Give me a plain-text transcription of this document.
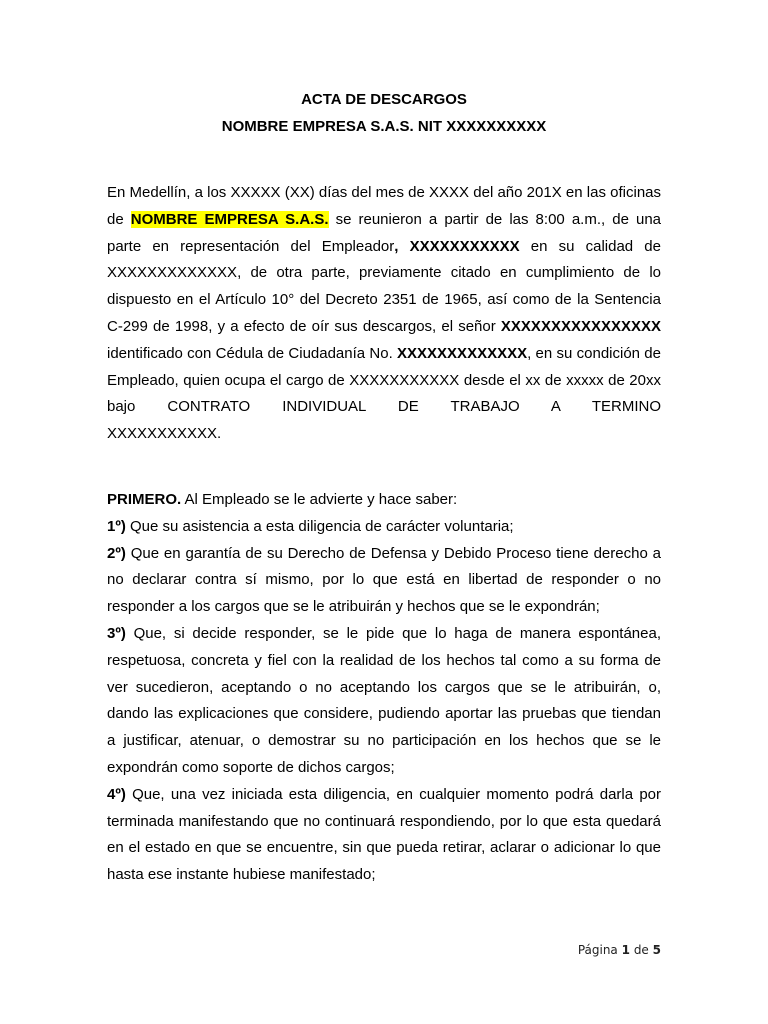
ACTA DE DESCARGOS
NOMBRE EMPRESA S.A.S. NIT XXXXXXXXXX

En Medellín, a los XXXXX (XX) días del mes de XXXX del año 201X en las oficinas de NOMBRE EMPRESA S.A.S. se reunieron a partir de las 8:00 a.m., de una parte en representación del Empleador, XXXXXXXXXXX en su calidad de XXXXXXXXXXXXX, de otra parte, previamente citado en cumplimiento de lo dispuesto en el Artículo 10° del Decreto 2351 de 1965, así como de la Sentencia C-299 de 1998, y a efecto de oír sus descargos, el señor XXXXXXXXXXXXXXXX identificado con Cédula de Ciudadanía No. XXXXXXXXXXXXX, en su condición de Empleado, quien ocupa el cargo de XXXXXXXXXXX desde el xx de xxxxx de 20xx bajo CONTRATO INDIVIDUAL DE TRABAJO A TERMINO

XXXXXXXXXXX.

PRIMERO. Al Empleado se le advierte y hace saber:

1º) Que su asistencia a esta diligencia de carácter voluntaria;

2º) Que en garantía de su Derecho de Defensa y Debido Proceso tiene derecho a no declarar contra sí mismo, por lo que está en libertad de responder o no responder a los cargos que se le atribuirán y hechos que se le expondrán;

3º) Que, si decide responder, se le pide que lo haga de manera espontánea, respetuosa, concreta y fiel con la realidad de los hechos tal como a su forma de ver sucedieron, aceptando o no aceptando los cargos que se le atribuirán, o, dando las explicaciones que considere, pudiendo aportar las pruebas que tiendan a justificar, atenuar, o demostrar su no participación en los hechos que se le expondrán como soporte de dichos cargos;

4º) Que, una vez iniciada esta diligencia, en cualquier momento podrá darla por terminada manifestando que no continuará respondiendo, por lo que esta quedará en el estado en que se encuentre, sin que pueda retirar, aclarar o adicionar lo que hasta ese instante hubiese manifestado;

Página 1 de 5
